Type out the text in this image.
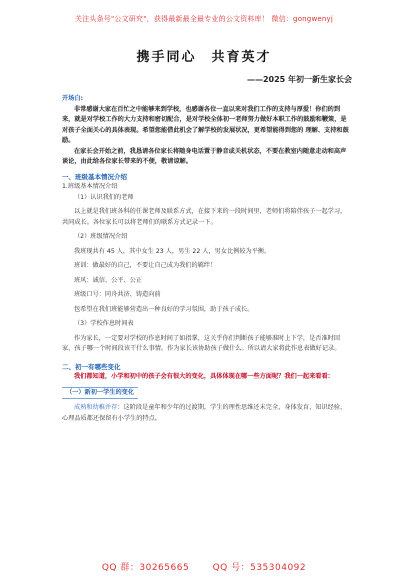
关注头条号"公文研究"，获得最新最全最专业的公文资料库！ 微信：gongwenyj
携手同心　共育英才
——2025 年初一新生家长会

开场白:

非常感谢大家在百忙之中能够来到学校，也感谢各位一直以来对我们工作的支持与厚爱！你们的到来，就是对学校工作的大力支持和密切配合，是对学校全体初一老师努力做好本职工作的鼓励和鞭策，是对孩子全面关心的具体表现。希望您能借此机会了解学校的发展状况，更希望能得到您的 理解、支持和鼓励。

在家长会开始之前，我恳请各位家长将随身电话置于静音或关机状态，不要在教室内随意走动和高声谈论，由此给各位家长带来的不便，敬请谅解。

一、班级基本情况介绍

1.班级基本情况介绍

（1）认识我们的老师

以上就是我们班各科的任课老师及联系方式，在接下来的一段时间里，老师们将陪伴孩子一起学习，共同成长。各位家长可以将老师们的联系方式记录一下。

（2）班级情况介绍

我班现共有 45 人，其中女生 23 人，男生 22 人，男女比例较为平衡。

班训：做最好的自己，不要让自己成为我们的羁绊！

班风：诚信、公平、公正

班级口号：同舟共济、铸造向前

包希望在我们班能够营造出一种良好的学习氛围，助于孩子成长。

（3）学校作息时间表

作为家长，一定要对学校的作息时间了如指掌，这关乎你们判断孩子能够准时上下学，是否准时回家，孩子哪一个时间段该干什么事情。作为家长该协助孩子做什么。所以请大家将此作息表做好记录。

二、初一有哪些变化

我们都知道，小学和初中的孩子会有很大的变化，具体体现在哪一些方面呢？我们一起来看看：

（一）新初一学生的变化

成熟和幼稚并存：这阶段是童年和少年的过渡期，学生的理性思维还未完全，身体发育、知识经验、心理品质都还保留有小学生的特点。

QQ 群：30265665	QQ 号：535304092
